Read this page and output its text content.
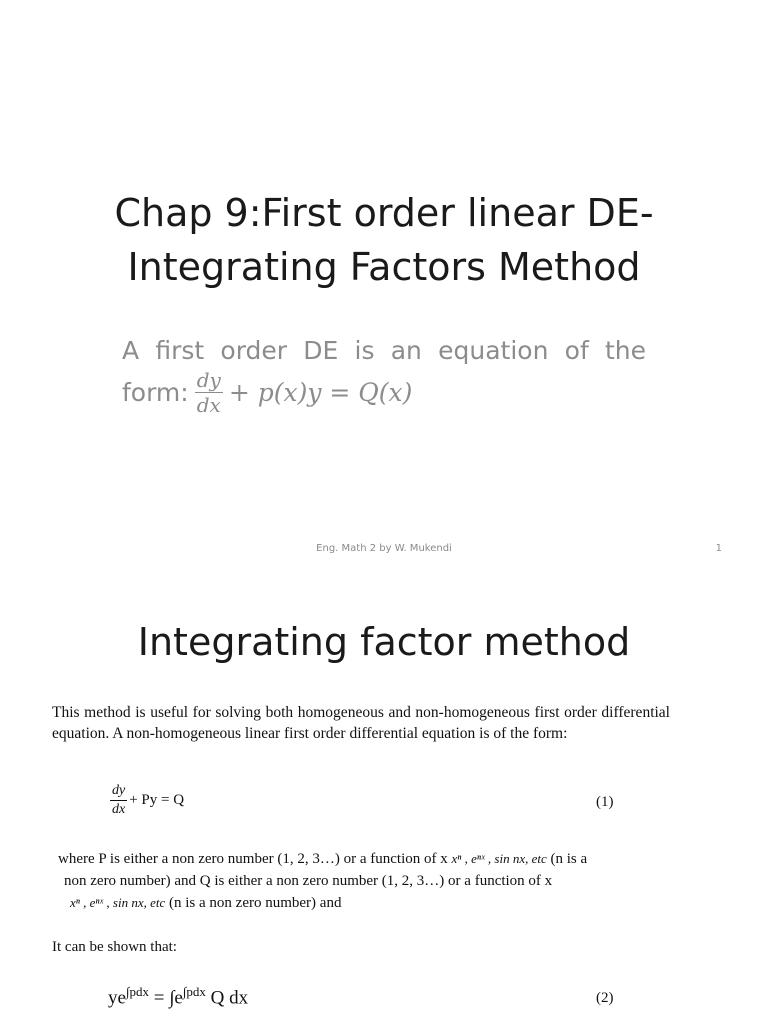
Chap 9:First order linear DE-
Integrating Factors Method
A first order DE is an equation of the
form: $\frac{dy}{dx} + p(x)y = Q(x)$
Eng. Math 2 by W. Mukendi	1
Integrating factor method
This method is useful for solving both homogeneous and non-homogeneous first order differential equation. A non-homogeneous linear first order differential equation is of the form:
$\frac{dy}{dx} + Py = Q$	(1)
where P is either a non zero number (1, 2, 3…) or a function of x xⁿ , eⁿˣ , sin nx, etc (n is a
non zero number) and Q is either a non zero number (1, 2, 3…) or a function of x
xⁿ , eⁿˣ , sin nx, etc (n is a non zero number) and
It can be shown that:
$ye^{\int pdx} = \int e^{\int pdx}$ Q dx	(2)
